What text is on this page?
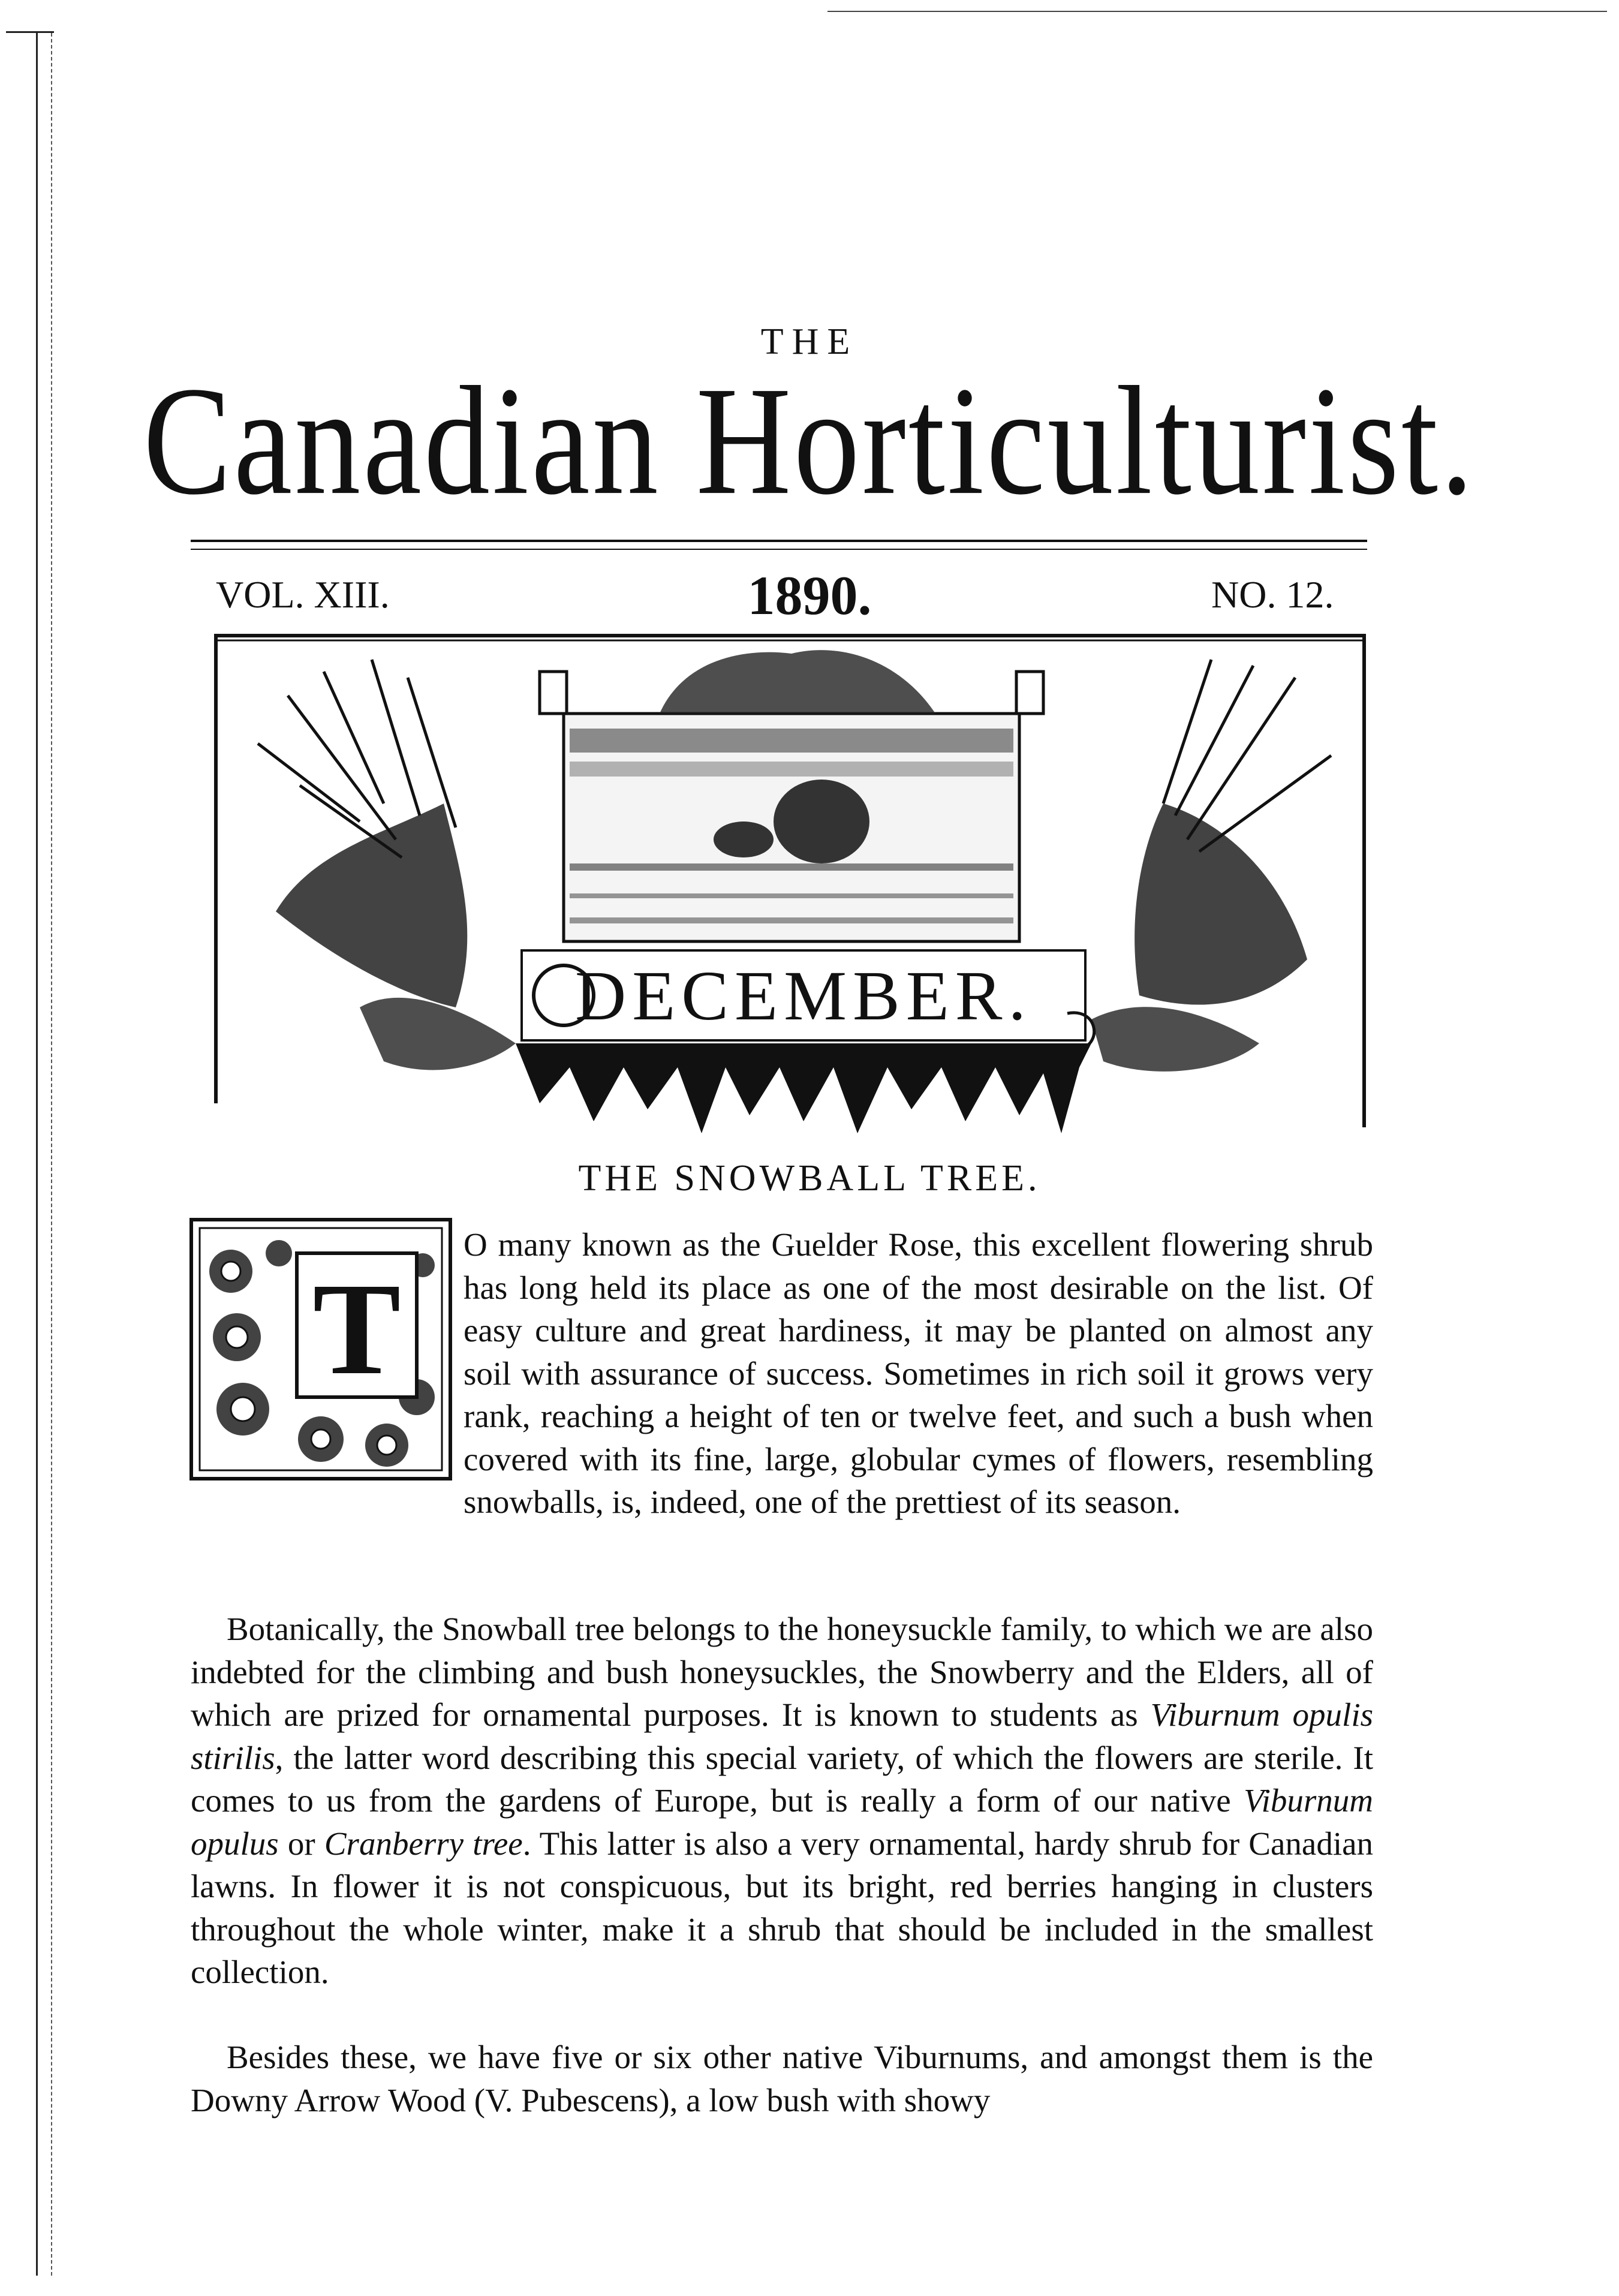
THE
Canadian Horticulturist.
VOL. XIII.	1890.	NO. 12.
DECEMBER.
THE SNOWBALL TREE.
T
O many known as the Guelder Rose, this excellent flowering shrub has long held its place as one of the most desirable on the list. Of easy culture and great hardiness, it may be planted on almost any soil with assurance of success. Sometimes in rich soil it grows very rank, reaching a height of ten or twelve feet, and such a bush when covered with its fine, large, globular cymes of flowers, resembling snowballs, is, indeed, one of the prettiest of its season.
Botanically, the Snowball tree belongs to the honeysuckle family, to which we are also indebted for the climbing and bush honeysuckles, the Snowberry and the Elders, all of which are prized for ornamental purposes. It is known to students as Viburnum opulis stirilis, the latter word describing this special variety, of which the flowers are sterile. It comes to us from the gardens of Europe, but is really a form of our native Viburnum opulus or Cranberry tree. This latter is also a very ornamental, hardy shrub for Canadian lawns. In flower it is not conspicuous, but its bright, red berries hanging in clusters throughout the whole winter, make it a shrub that should be included in the smallest collection.
Besides these, we have five or six other native Viburnums, and amongst them is the Downy Arrow Wood (V. Pubescens), a low bush with showy
